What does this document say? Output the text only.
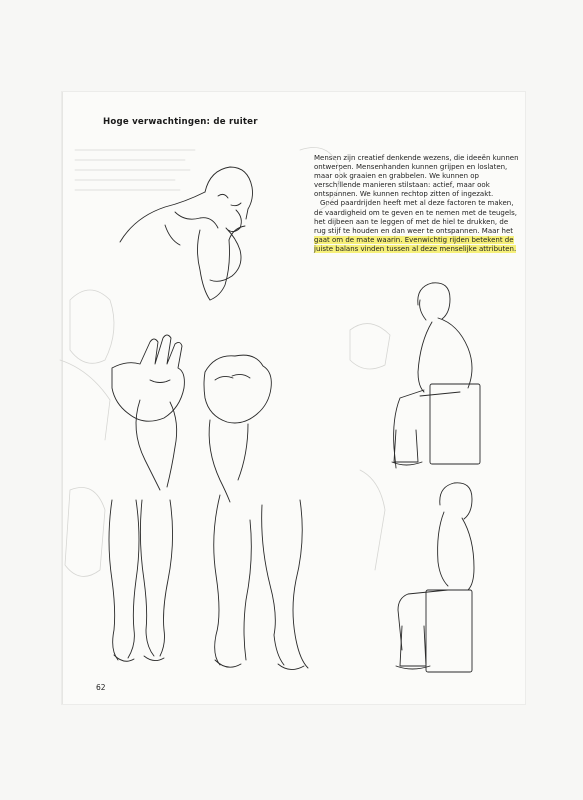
Hoge verwachtingen: de ruiter

Mensen zijn creatief denkende wezens, die ideeën kunnen ontwerpen. Mensenhanden kunnen grijpen en loslaten, maar ook graaien en grabbelen. We kunnen op verschillende manieren stilstaan: actief, maar ook ontspannen. We kunnen rechtop zitten of ingezakt.

Goed paardrijden heeft met al deze factoren te maken, de vaardigheid om te geven en te nemen met de teugels, het dijbeen aan te leggen of met de hiel te drukken, de rug stijf te houden en dan weer te ontspannen. Maar het gaat om de mate waarin. Evenwichtig rijden betekent de juiste balans vinden tussen al deze menselijke attributen.

62
